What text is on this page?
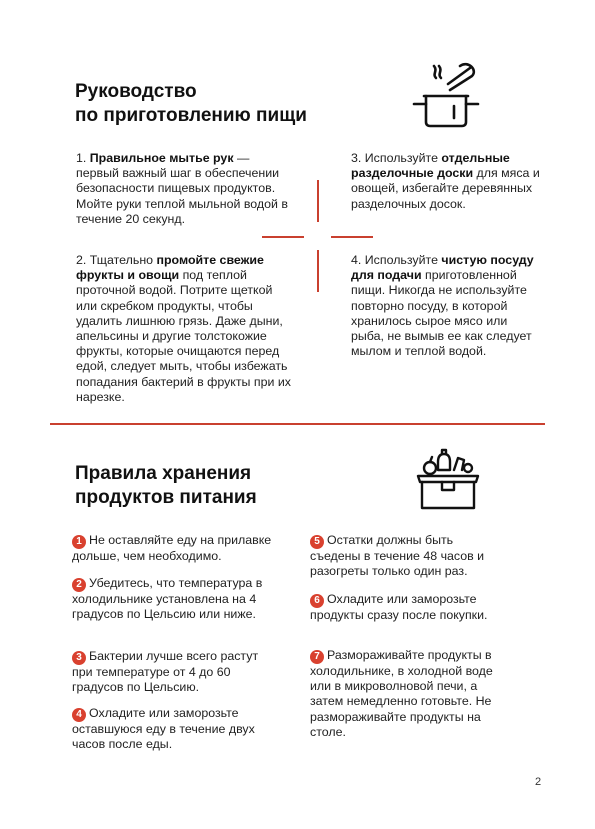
Руководство
по приготовлению пищи

1. Правильное мытье рук — первый важный шаг в обеспечении безопасности пищевых продуктов. Мойте руки теплой мыльной водой в течение 20 секунд.

3. Используйте отдельные разделочные доски для мяса и овощей, избегайте деревянных разделочных досок.

2. Тщательно промойте свежие фрукты и овощи под теплой проточной водой. Потрите щеткой или скребком продукты, чтобы удалить лишнюю грязь. Даже дыни, апельсины и другие толстокожие фрукты, которые очищаются перед едой, следует мыть, чтобы избежать попадания бактерий в фрукты при их нарезке.

4. Используйте чистую посуду для подачи приготовленной пищи. Никогда не используйте повторно посуду, в которой хранилось сырое мясо или рыба, не вымыв ее как следует мылом и теплой водой.

Правила хранения
продуктов питания

1 Не оставляйте еду на прилавке дольше, чем необходимо.

2 Убедитесь, что температура в холодильнике установлена на 4 градусов по Цельсию или ниже.

3 Бактерии лучше всего растут при температуре от 4 до 60 градусов по Цельсию.

4 Охладите или заморозьте оставшуюся еду в течение двух часов после еды.

5 Остатки должны быть съедены в течение 48 часов и разогреты только один раз.

6 Охладите или заморозьте продукты сразу после покупки.

7 Размораживайте продукты в холодильнике, в холодной воде или в микроволновой печи, а затем немедленно готовьте. Не размораживайте продукты на столе.

2
